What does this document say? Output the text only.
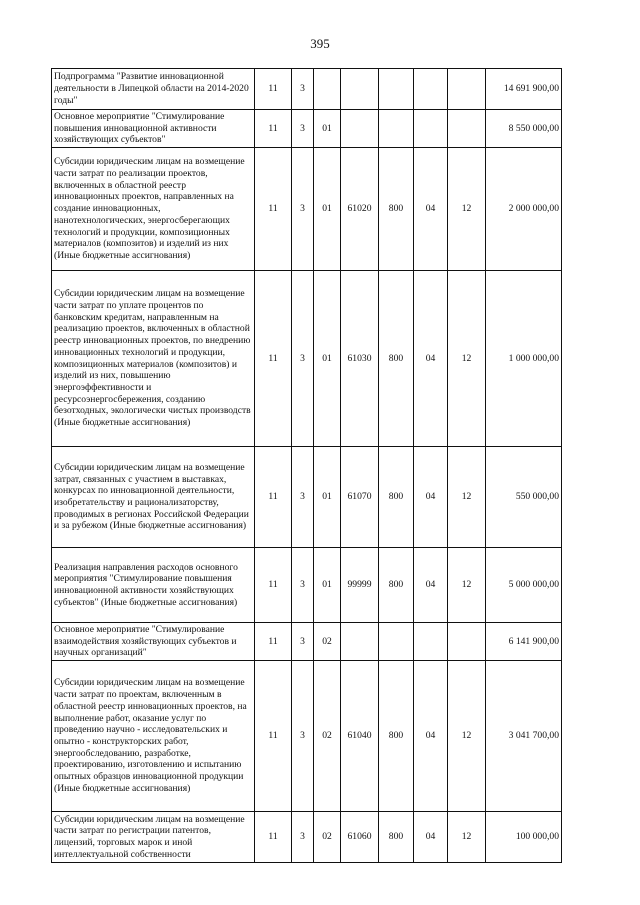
395
Подпрограмма "Развитие инновационной деятельности в Липецкой области на 2014-2020 годы"	11	3						14 691 900,00
Основное мероприятие "Стимулирование повышения инновационной активности хозяйствующих субъектов"	11	3	01					8 550 000,00
Субсидии юридическим лицам на возмещение части затрат по реализации проектов, включенных в областной реестр инновационных проектов, направленных на создание инновационных, нанотехнологических, энергосберегающих технологий и продукции, композиционных материалов (композитов) и изделий из них (Иные бюджетные ассигнования)	11	3	01	61020	800	04	12	2 000 000,00
Субсидии юридическим лицам на возмещение части затрат по уплате процентов по банковским кредитам, направленным на реализацию проектов, включенных в областной реестр инновационных проектов, по внедрению инновационных технологий и продукции, композиционных материалов (композитов) и изделий из них, повышению энергоэффективности и ресурсоэнергосбережения, созданию безотходных, экологически чистых производств (Иные бюджетные ассигнования)	11	3	01	61030	800	04	12	1 000 000,00
Субсидии юридическим лицам на возмещение затрат, связанных с участием в выставках, конкурсах по инновационной деятельности, изобретательству и рационализаторству, проводимых в регионах Российской Федерации и за рубежом (Иные бюджетные ассигнования)	11	3	01	61070	800	04	12	550 000,00
Реализация направления расходов основного мероприятия "Стимулирование повышения инновационной активности хозяйствующих субъектов" (Иные бюджетные ассигнования)	11	3	01	99999	800	04	12	5 000 000,00
Основное мероприятие "Стимулирование взаимодействия хозяйствующих субъектов и научных организаций"	11	3	02					6 141 900,00
Субсидии юридическим лицам на возмещение части затрат по проектам, включенным в областной реестр инновационных проектов, на выполнение работ, оказание услуг по проведению научно - исследовательских и опытно - конструкторских работ, энергообследованию, разработке, проектированию, изготовлению и испытанию опытных образцов инновационной продукции (Иные бюджетные ассигнования)	11	3	02	61040	800	04	12	3 041 700,00
Субсидии юридическим лицам на возмещение части затрат по регистрации патентов, лицензий, торговых марок и иной интеллектуальной собственности	11	3	02	61060	800	04	12	100 000,00
